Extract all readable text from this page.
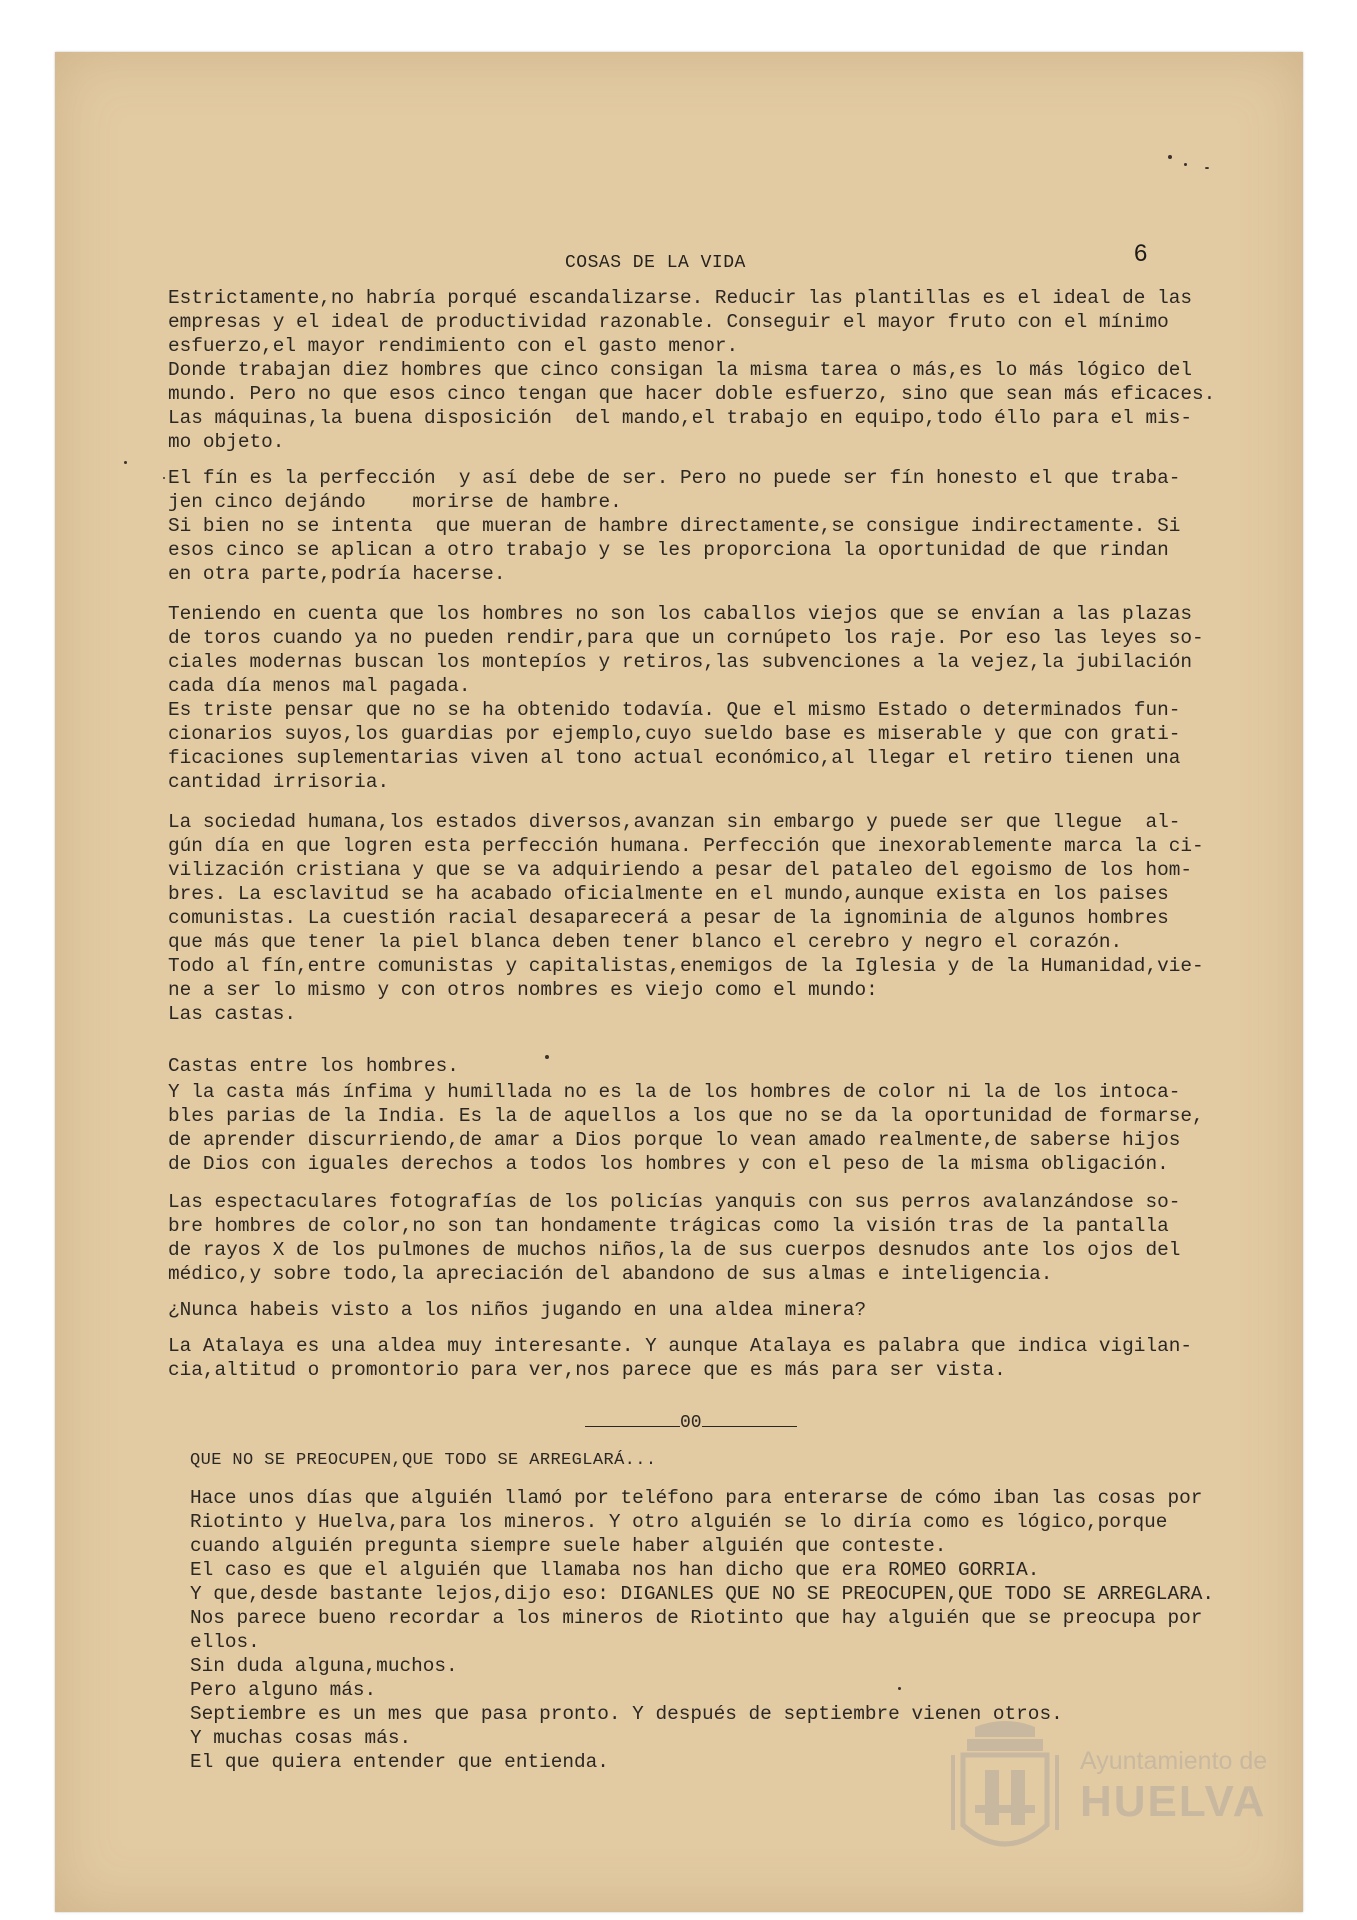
6
COSAS DE LA VIDA
Estrictamente,no habría porqué escandalizarse. Reducir las plantillas es el ideal de las
empresas y el ideal de productividad razonable. Conseguir el mayor fruto con el mínimo
esfuerzo,el mayor rendimiento con el gasto menor.
Donde trabajan diez hombres que cinco consigan la misma tarea o más,es lo más lógico del
mundo. Pero no que esos cinco tengan que hacer doble esfuerzo, sino que sean más eficaces.
Las máquinas,la buena disposición  del mando,el trabajo en equipo,todo éllo para el mis-
mo objeto.
El fín es la perfección  y así debe de ser. Pero no puede ser fín honesto el que traba-
jen cinco dejándo    morirse de hambre.
Si bien no se intenta  que mueran de hambre directamente,se consigue indirectamente. Si
esos cinco se aplican a otro trabajo y se les proporciona la oportunidad de que rindan
en otra parte,podría hacerse.
Teniendo en cuenta que los hombres no son los caballos viejos que se envían a las plazas
de toros cuando ya no pueden rendir,para que un cornúpeto los raje. Por eso las leyes so-
ciales modernas buscan los montepíos y retiros,las subvenciones a la vejez,la jubilación
cada día menos mal pagada.
Es triste pensar que no se ha obtenido todavía. Que el mismo Estado o determinados fun-
cionarios suyos,los guardias por ejemplo,cuyo sueldo base es miserable y que con grati-
ficaciones suplementarias viven al tono actual económico,al llegar el retiro tienen una
cantidad irrisoria.
La sociedad humana,los estados diversos,avanzan sin embargo y puede ser que llegue  al-
gún día en que logren esta perfección humana. Perfección que inexorablemente marca la ci-
vilización cristiana y que se va adquiriendo a pesar del pataleo del egoismo de los hom-
bres. La esclavitud se ha acabado oficialmente en el mundo,aunque exista en los paises
comunistas. La cuestión racial desaparecerá a pesar de la ignominia de algunos hombres
que más que tener la piel blanca deben tener blanco el cerebro y negro el corazón.
Todo al fín,entre comunistas y capitalistas,enemigos de la Iglesia y de la Humanidad,vie-
ne a ser lo mismo y con otros nombres es viejo como el mundo:
Las castas.
Castas entre los hombres.
Y la casta más ínfima y humillada no es la de los hombres de color ni la de los intoca-
bles parias de la India. Es la de aquellos a los que no se da la oportunidad de formarse,
de aprender discurriendo,de amar a Dios porque lo vean amado realmente,de saberse hijos
de Dios con iguales derechos a todos los hombres y con el peso de la misma obligación.
Las espectaculares fotografías de los policías yanquis con sus perros avalanzándose so-
bre hombres de color,no son tan hondamente trágicas como la visión tras de la pantalla
de rayos X de los pulmones de muchos niños,la de sus cuerpos desnudos ante los ojos del
médico,y sobre todo,la apreciación del abandono de sus almas e inteligencia.
¿Nunca habeis visto a los niños jugando en una aldea minera?
La Atalaya es una aldea muy interesante. Y aunque Atalaya es palabra que indica vigilan-
cia,altitud o promontorio para ver,nos parece que es más para ser vista.
00
QUE NO SE PREOCUPEN,QUE TODO SE ARREGLARÁ...
Hace unos días que alguién llamó por teléfono para enterarse de cómo iban las cosas por
Riotinto y Huelva,para los mineros. Y otro alguién se lo diría como es lógico,porque
cuando alguién pregunta siempre suele haber alguién que conteste.
El caso es que el alguién que llamaba nos han dicho que era ROMEO GORRIA.
Y que,desde bastante lejos,dijo eso: DIGANLES QUE NO SE PREOCUPEN,QUE TODO SE ARREGLARA.
Nos parece bueno recordar a los mineros de Riotinto que hay alguién que se preocupa por
ellos.
Sin duda alguna,muchos.
Pero alguno más.
Septiembre es un mes que pasa pronto. Y después de septiembre vienen otros.
Y muchas cosas más.
El que quiera entender que entienda.	Ayuntamiento de
HUELVA
